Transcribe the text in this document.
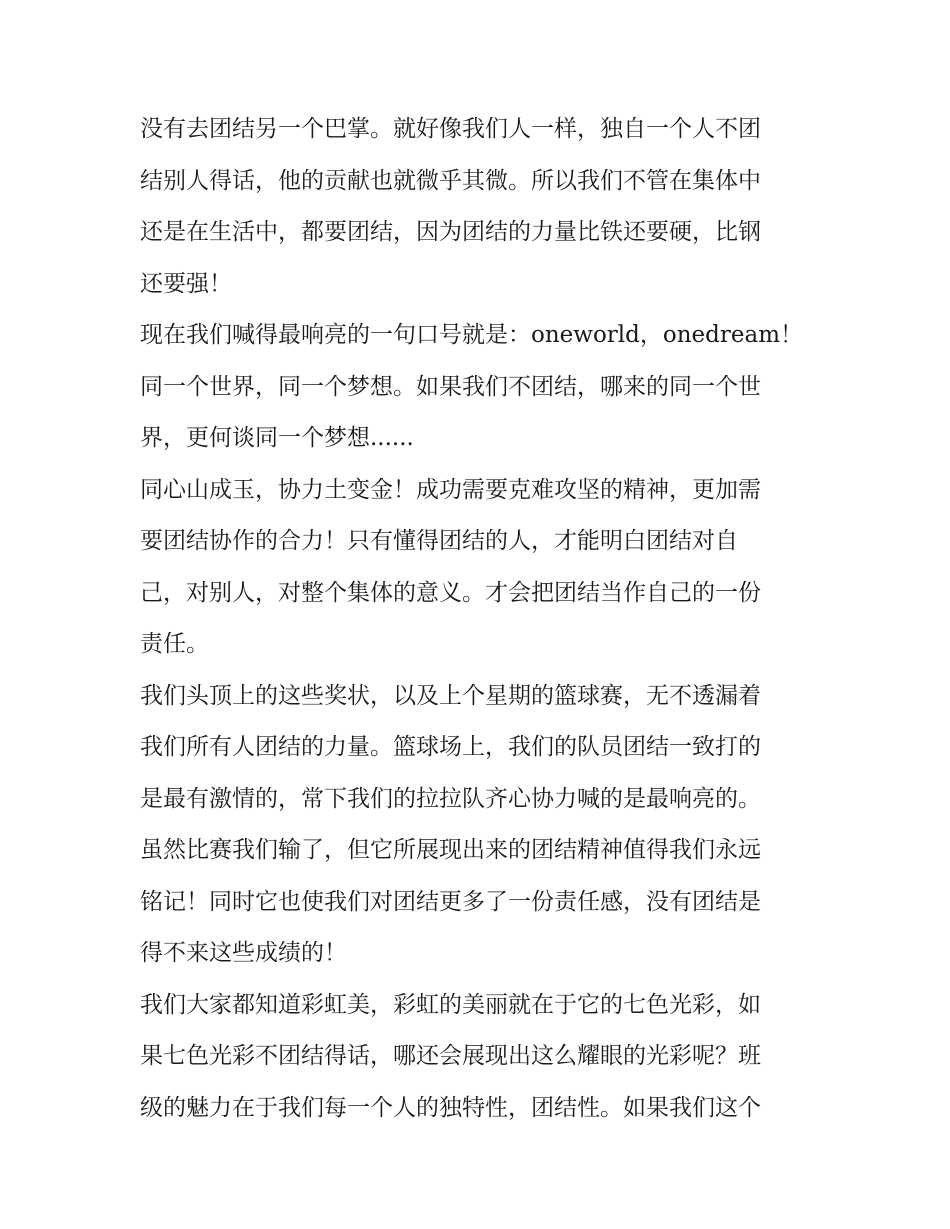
没有去团结另一个巴掌。就好像我们人一样，独自一个人不团
结别人得话，他的贡献也就微乎其微。所以我们不管在集体中
还是在生活中，都要团结，因为团结的力量比铁还要硬，比钢
还要强！
现在我们喊得最响亮的一句口号就是：oneworld，onedream！
同一个世界，同一个梦想。如果我们不团结，哪来的同一个世
界，更何谈同一个梦想......
同心山成玉，协力土变金！成功需要克难攻坚的精神，更加需
要团结协作的合力！只有懂得团结的人，才能明白团结对自
己，对别人，对整个集体的意义。才会把团结当作自己的一份
责任。
我们头顶上的这些奖状，以及上个星期的篮球赛，无不透漏着
我们所有人团结的力量。篮球场上，我们的队员团结一致打的
是最有激情的，常下我们的拉拉队齐心协力喊的是最响亮的。
虽然比赛我们输了，但它所展现出来的团结精神值得我们永远
铭记！同时它也使我们对团结更多了一份责任感，没有团结是
得不来这些成绩的！
我们大家都知道彩虹美，彩虹的美丽就在于它的七色光彩，如
果七色光彩不团结得话，哪还会展现出这么耀眼的光彩呢？班
级的魅力在于我们每一个人的独特性，团结性。如果我们这个
